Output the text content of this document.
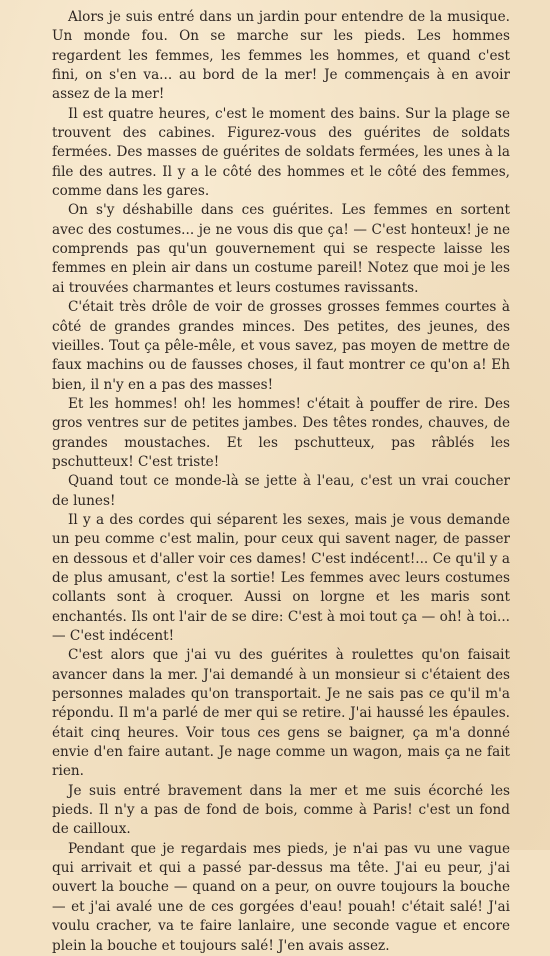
Alors je suis entré dans un jardin pour entendre de la musique. Un monde fou. On se marche sur les pieds. Les hommes regardent les femmes, les femmes les hommes, et quand c'est fini, on s'en va... au bord de la mer! Je commençais à en avoir assez de la mer!

Il est quatre heures, c'est le moment des bains. Sur la plage se trouvent des cabines. Figurez-vous des guérites de soldats fermées. Des masses de guérites de soldats fermées, les unes à la file des autres. Il y a le côté des hommes et le côté des femmes, comme dans les gares.

On s'y déshabille dans ces guérites. Les femmes en sortent avec des costumes... je ne vous dis que ça! — C'est honteux! je ne comprends pas qu'un gouvernement qui se respecte laisse les femmes en plein air dans un costume pareil! Notez que moi je les ai trouvées charmantes et leurs costumes ravissants.

C'était très drôle de voir de grosses grosses femmes courtes à côté de grandes grandes minces. Des petites, des jeunes, des vieilles. Tout ça pêle-mêle, et vous savez, pas moyen de mettre de faux machins ou de fausses choses, il faut montrer ce qu'on a! Eh bien, il n'y en a pas des masses!

Et les hommes! oh! les hommes! c'était à pouffer de rire. Des gros ventres sur de petites jambes. Des têtes rondes, chauves, de grandes moustaches. Et les pschutteux, pas râblés les pschutteux! C'est triste!

Quand tout ce monde-là se jette à l'eau, c'est un vrai coucher de lunes!

Il y a des cordes qui séparent les sexes, mais je vous demande un peu comme c'est malin, pour ceux qui savent nager, de passer en dessous et d'aller voir ces dames! C'est indécent!... Ce qu'il y a de plus amusant, c'est la sortie! Les femmes avec leurs costumes collants sont à croquer. Aussi on lorgne et les maris sont enchantés. Ils ont l'air de se dire: C'est à moi tout ça — oh! à toi... — C'est indécent!

C'est alors que j'ai vu des guérites à roulettes qu'on faisait avancer dans la mer. J'ai demandé à un monsieur si c'étaient des personnes malades qu'on transportait. Je ne sais pas ce qu'il m'a répondu. Il m'a parlé de mer qui se retire. J'ai haussé les épaules. était cinq heures. Voir tous ces gens se baigner, ça m'a donné envie d'en faire autant. Je nage comme un wagon, mais ça ne fait rien.

Je suis entré bravement dans la mer et me suis écorché les pieds. Il n'y a pas de fond de bois, comme à Paris! c'est un fond de cailloux.

Pendant que je regardais mes pieds, je n'ai pas vu une vague qui arrivait et qui a passé par-dessus ma tête. J'ai eu peur, j'ai ouvert la bouche — quand on a peur, on ouvre toujours la bouche — et j'ai avalé une de ces gorgées d'eau! pouah! c'était salé! J'ai voulu cracher, va te faire lanlaire, une seconde vague et encore plein la bouche et toujours salé! J'en avais assez.
